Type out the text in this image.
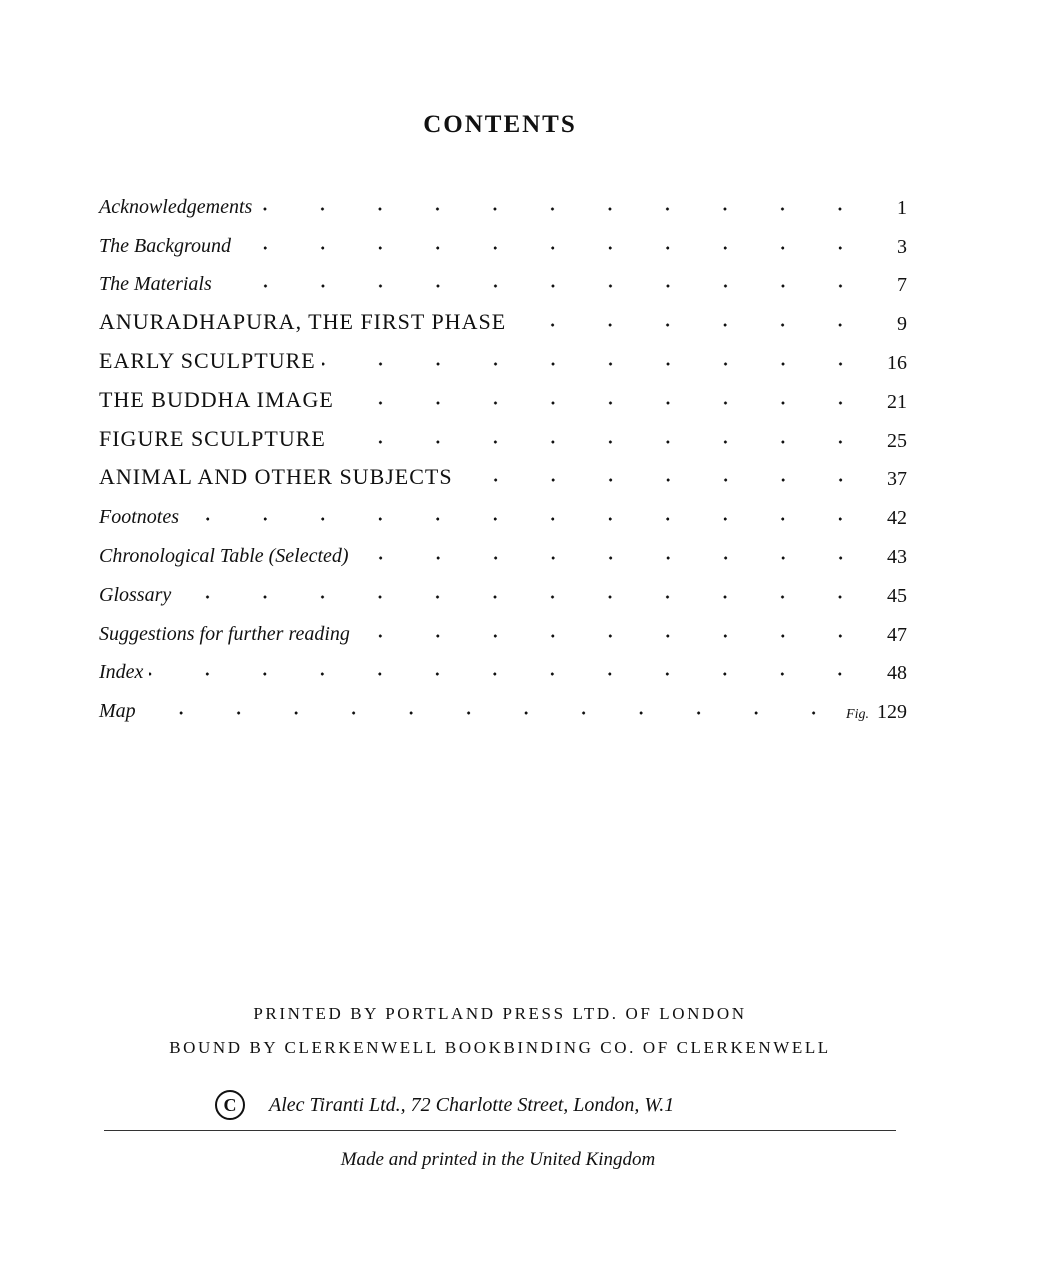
CONTENTS
Acknowledgements	1
The Background	3
The Materials	7
ANURADHAPURA, THE FIRST PHASE	9
EARLY SCULPTURE	16
THE BUDDHA IMAGE	21
FIGURE SCULPTURE	25
ANIMAL AND OTHER SUBJECTS	37
Footnotes	42
Chronological Table (Selected)	43
Glossary	45
Suggestions for further reading	47
Index	48
Map	Fig. 129
PRINTED BY PORTLAND PRESS LTD. OF LONDON
BOUND BY CLERKENWELL BOOKBINDING CO. OF CLERKENWELL
C	Alec Tiranti Ltd., 72 Charlotte Street, London, W.1
Made and printed in the United Kingdom
